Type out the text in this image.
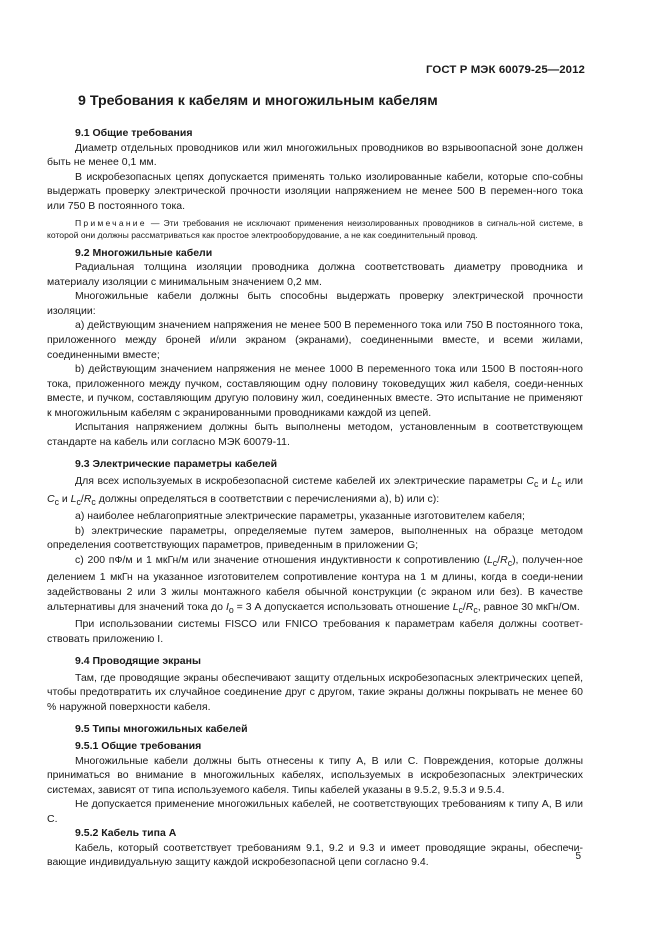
ГОСТ Р МЭК 60079-25—2012
9 Требования к кабелям и многожильным кабелям

9.1 Общие требования

Диаметр отдельных проводников или жил многожильных проводников во взрывоопасной зоне должен быть не менее 0,1 мм.

В искробезопасных цепях допускается применять только изолированные кабели, которые спо-собны выдержать проверку электрической прочности изоляции напряжением не менее 500 В перемен-ного тока или 750 В постоянного тока.

Примечание — Эти требования не исключают применения неизолированных проводников в сигналь-ной системе, в которой они должны рассматриваться как простое электрооборудование, а не как соединительный провод.

9.2 Многожильные кабели

Радиальная толщина изоляции проводника должна соответствовать диаметру проводника и материалу изоляции с минимальным значением 0,2 мм.

Многожильные кабели должны быть способны выдержать проверку электрической прочности изоляции:

а) действующим значением напряжения не менее 500 В переменного тока или 750 В постоянного тока, приложенного между броней и/или экраном (экранами), соединенными вместе, и всеми жилами, соединенными вместе;

b) действующим значением напряжения не менее 1000 В переменного тока или 1500 В постоян-ного тока, приложенного между пучком, составляющим одну половину токоведущих жил кабеля, соеди-ненных вместе, и пучком, составляющим другую половину жил, соединенных вместе. Это испытание не применяют к многожильным кабелям с экранированными проводниками каждой из цепей.

Испытания напряжением должны быть выполнены методом, установленным в соответствующем стандарте на кабель или согласно МЭК 60079-11.

9.3 Электрические параметры кабелей

Для всех используемых в искробезопасной системе кабелей их электрические параметры $C_c$ и $L_c$ или $C_c$ и $L_c/R_c$ должны определяться в соответствии с перечислениями а), b) или с):

а) наиболее неблагоприятные электрические параметры, указанные изготовителем кабеля;

b) электрические параметры, определяемые путем замеров, выполненных на образце методом определения соответствующих параметров, приведенным в приложении G;

с) 200 пФ/м и 1 мкГн/м или значение отношения индуктивности к сопротивлению $(L_c/R_c)$, получен-ное делением 1 мкГн на указанное изготовителем сопротивление контура на 1 м длины, когда в соеди-нении задействованы 2 или 3 жилы монтажного кабеля обычной конструкции (с экраном или без). В качестве альтернативы для значений тока до $I_o = 3$ А допускается использовать отношение $L_c/R_c$, равное 30 мкГн/Ом.

При использовании системы FISCO или FNICO требования к параметрам кабеля должны соответ-ствовать приложению I.

9.4 Проводящие экраны

Там, где проводящие экраны обеспечивают защиту отдельных искробезопасных электрических цепей, чтобы предотвратить их случайное соединение друг с другом, такие экраны должны покрывать не менее 60 % наружной поверхности кабеля.

9.5 Типы многожильных кабелей

9.5.1 Общие требования

Многожильные кабели должны быть отнесены к типу А, В или С. Повреждения, которые должны приниматься во внимание в многожильных кабелях, используемых в искробезопасных электрических системах, зависят от типа используемого кабеля. Типы кабелей указаны в 9.5.2, 9.5.3 и 9.5.4.

Не допускается применение многожильных кабелей, не соответствующих требованиям к типу А, В или С.

9.5.2 Кабель типа А

Кабель, который соответствует требованиям 9.1, 9.2 и 9.3 и имеет проводящие экраны, обеспечи-вающие индивидуальную защиту каждой искробезопасной цепи согласно 9.4.	5
